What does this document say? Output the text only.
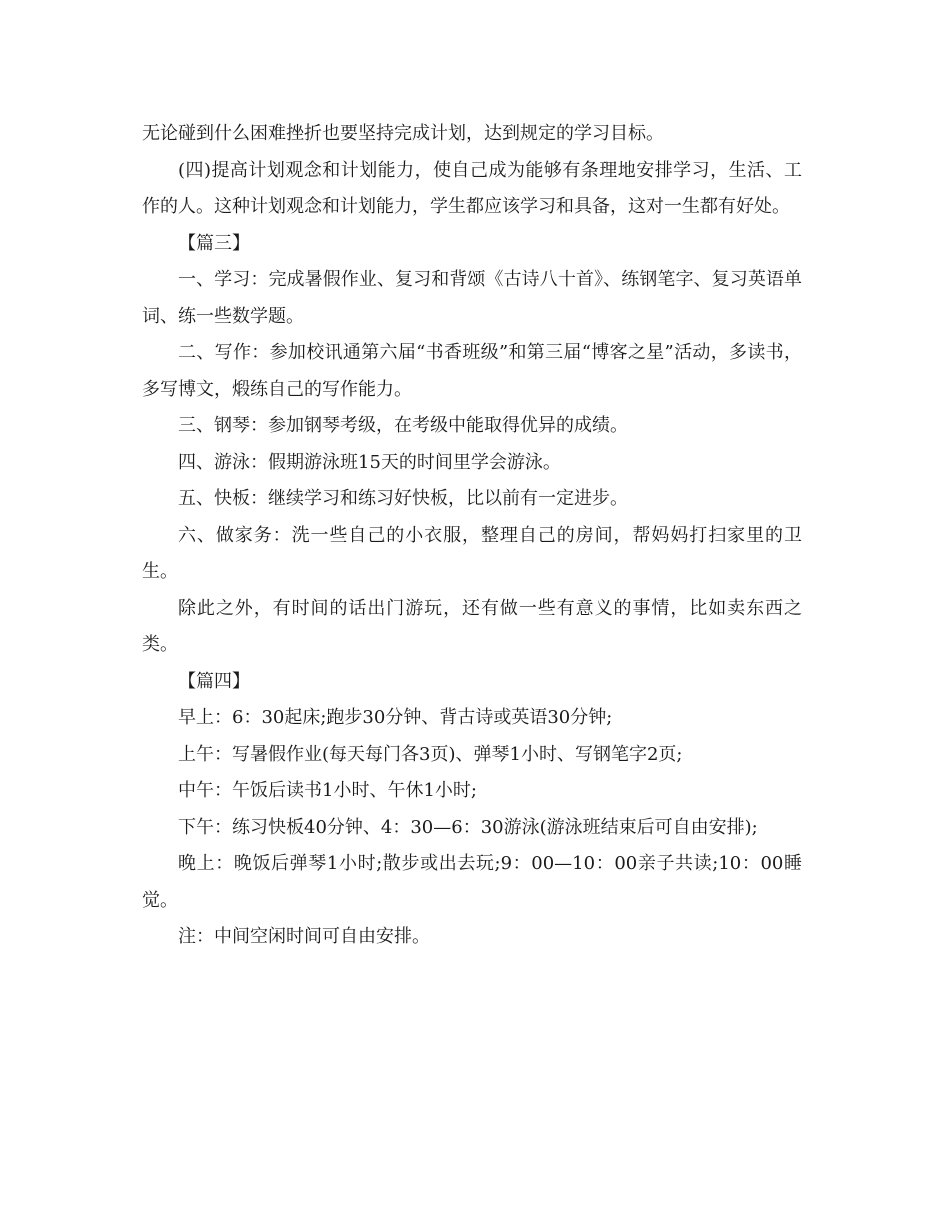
无论碰到什么困难挫折也要坚持完成计划，达到规定的学习目标。

(四)提高计划观念和计划能力，使自己成为能够有条理地安排学习，生活、工作的人。这种计划观念和计划能力，学生都应该学习和具备，这对一生都有好处。

【篇三】

一、学习：完成暑假作业、复习和背颂《古诗八十首》、练钢笔字、复习英语单词、练一些数学题。

二、写作：参加校讯通第六届“书香班级”和第三届“博客之星”活动，多读书，多写博文，煅练自己的写作能力。

三、钢琴：参加钢琴考级，在考级中能取得优异的成绩。

四、游泳：假期游泳班15天的时间里学会游泳。

五、快板：继续学习和练习好快板，比以前有一定进步。

六、做家务：洗一些自己的小衣服，整理自己的房间，帮妈妈打扫家里的卫生。

除此之外，有时间的话出门游玩，还有做一些有意义的事情，比如卖东西之类。

【篇四】

早上：6：30起床;跑步30分钟、背古诗或英语30分钟;

上午：写暑假作业(每天每门各3页)、弹琴1小时、写钢笔字2页;

中午：午饭后读书1小时、午休1小时;

下午：练习快板40分钟、4：30—6：30游泳(游泳班结束后可自由安排);

晚上：晚饭后弹琴1小时;散步或出去玩;9：00—10：00亲子共读;10：00睡觉。

注：中间空闲时间可自由安排。
